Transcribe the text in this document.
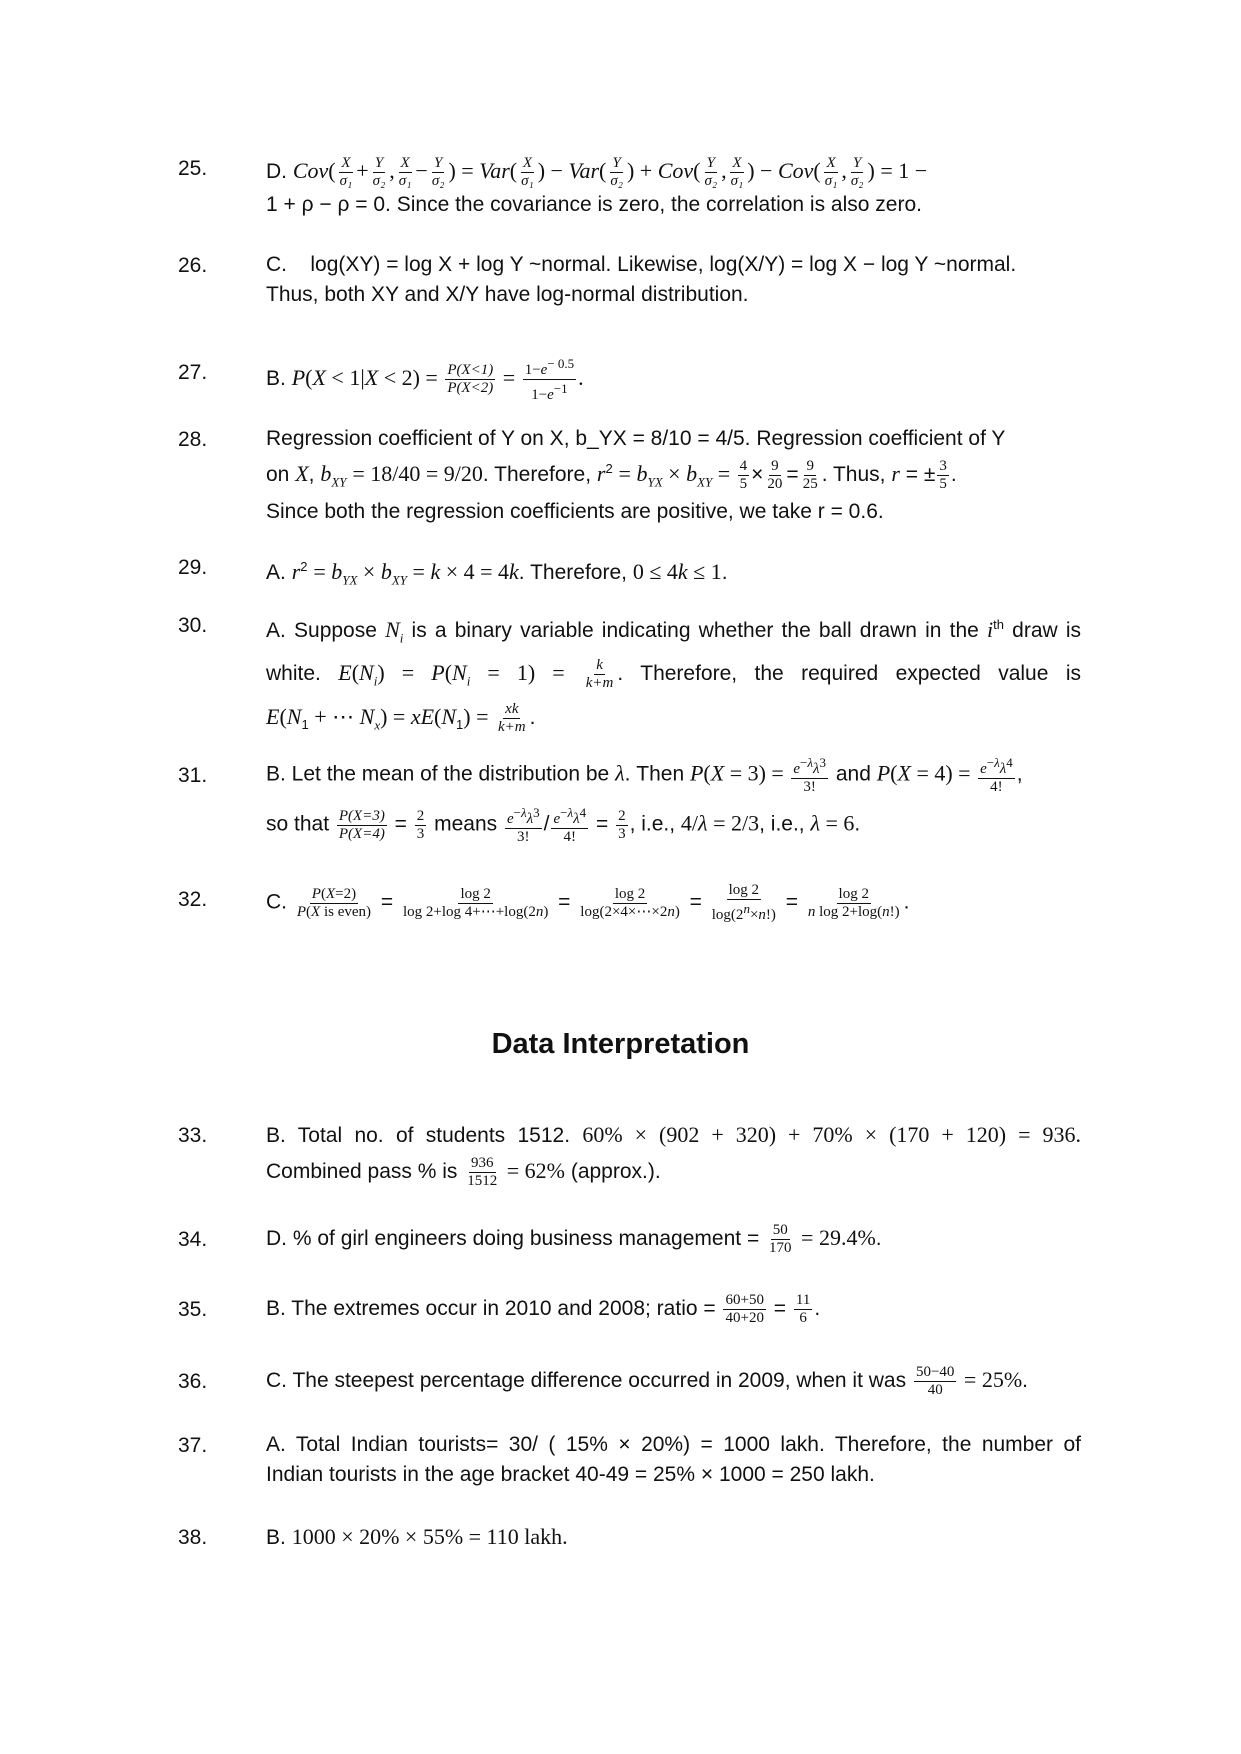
25.	D. $Cov( \frac{X}{\text{σ₁}} + \frac{Y}{\text{σ₂}}$ , $\frac{X}{\text{σ₁}} - \frac{Y}{\text{σ₂}}$ ) = $Var( \frac{X}{\text{σ₁}}$ ) − $Var( \frac{Y}{\text{σ₂}}$ ) + $Cov( \frac{Y}{\text{σ₂}}$ , $\frac{X}{\text{σ₁}}$ ) − $Cov( \frac{X}{\text{σ₁}}$ , $\frac{Y}{\text{σ₂}}$ ) = 1 −
1 + ρ − ρ = 0. Since the covariance is zero, the correlation is also zero.
26.	C. log(XY) = log X + log Y ~normal. Likewise, log(X/Y) = log X − log Y ~normal.
Thus, both XY and X/Y have log-normal distribution.
27.	B. $P(X < 1|X < 2) = \frac{P(X<1)}{P(X<2)} = \frac{1-e^{- 0.5}}{1-e^{-1}}$ .
28.	Regression coefficient of Y on X, b_YX = 8/10 = 4/5. Regression coefficient of Y
on X, $b_{XY} = 18/40 = 9/20$. Therefore, $r^2 = b_{YX} \times b_{XY} = \frac{4}{5} \times \frac{9}{20} = \frac{9}{25}$ . Thus, r = ± $\frac{3}{5}$ .
Since both the regression coefficients are positive, we take r = 0.6.
29.	A. $r^2 = b_{YX} \times b_{XY} = k \times 4 = 4k$. Therefore, 0 ≤ 4k ≤ 1.
30.	A. Suppose $N_i$ is a binary variable indicating whether the ball drawn in the $i^{th}$ draw is
white. $E(N_i) = P(N_i = 1) = \frac{k}{k+m}$ . Therefore, the required expected value is
$E(N_1$ + ⋯ $N_x) = xE(N_1) = \frac{xk}{k+m}$ .
31.	B. Let the mean of the distribution be λ. Then $P(X = 3) = \frac{e^{-\lambda}\lambda^3}{3!}$ and $P(X = 4) = \frac{e^{-\lambda}\lambda^4}{4!}$ ,
so that $\frac{P(X=3)}{P(X=4)} = \frac{2}{3}$ means $\frac{e^{-\lambda}\lambda^3}{3!} / \frac{e^{-\lambda}\lambda^4}{4!} = \frac{2}{3}$ , i.e., 4/λ = 2/3, i.e., λ = 6.
32.	C. $\frac{P(X=2)}{\text{P(X is even)}} = \frac{\log 2}{\log 2+\log 4+\cdots+\log(2n)} = \frac{\log 2}{\log(2\times 4\times\cdots\times 2n)} = \frac{\log 2}{\log(2^n\times n!)} = \frac{\log 2}{\text{n log 2+log(n!)}}$ .
Data Interpretation
33.	B. Total no. of students 1512. 60% × (902 + 320) + 70% × (170 + 120) = 936.
Combined pass % is $\frac{936}{1512} = 62\%$ (approx.).
34.	D. % of girl engineers doing business management = $\frac{50}{170} = 29.4\%$.
35.	B. The extremes occur in 2010 and 2008; ratio = $\frac{60+50}{40+20} = \frac{11}{6}$ .
36.	C. The steepest percentage difference occurred in 2009, when it was $\frac{50-40}{40} = 25\%$.
37.	A. Total Indian tourists= 30/ ( 15% × 20%) = 1000 lakh. Therefore, the number of
Indian tourists in the age bracket 40-49 = 25% × 1000 = 250 lakh.
38.	B. 1000 × 20% × 55% = 110 lakh.
